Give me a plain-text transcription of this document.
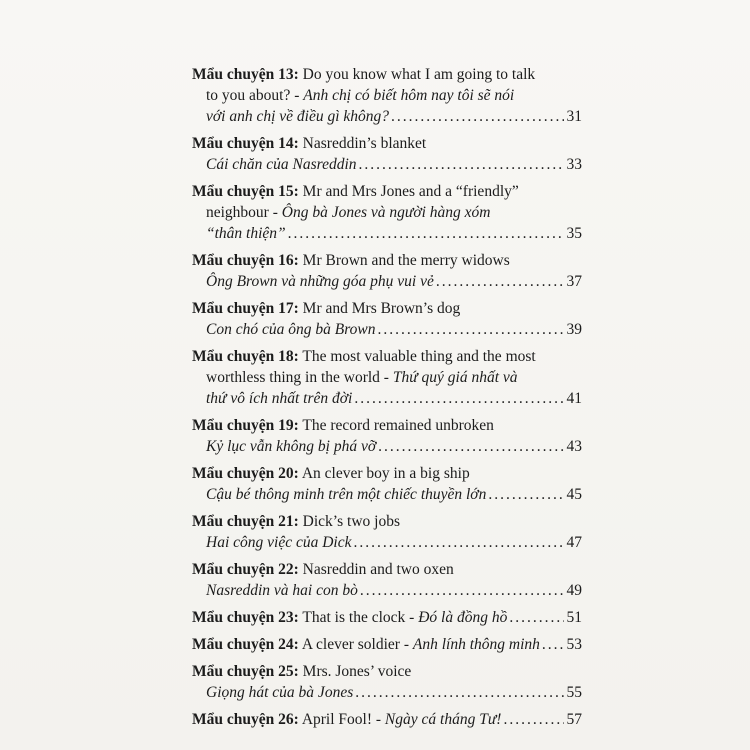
Mẩu chuyện 13: Do you know what I am going to talk
to you about? - Anh chị có biết hôm nay tôi sẽ nói
với anh chị về điều gì không? .....	31
Mẩu chuyện 14: Nasreddin’s blanket
Cái chăn của Nasreddin .....	33
Mẩu chuyện 15: Mr and Mrs Jones and a “friendly”
neighbour - Ông bà Jones và người hàng xóm
“thân thiện” .....	35
Mẩu chuyện 16: Mr Brown and the merry widows
Ông Brown và những góa phụ vui vẻ .....	37
Mẩu chuyện 17: Mr and Mrs Brown’s dog
Con chó của ông bà Brown .....	39
Mẩu chuyện 18: The most valuable thing and the most
worthless thing in the world - Thứ quý giá nhất và
thứ vô ích nhất trên đời .....	41
Mẩu chuyện 19: The record remained unbroken
Kỷ lục vẫn không bị phá vỡ .....	43
Mẩu chuyện 20: An clever boy in a big ship
Cậu bé thông minh trên một chiếc thuyền lớn .....	45
Mẩu chuyện 21: Dick’s two jobs
Hai công việc của Dick .....	47
Mẩu chuyện 22: Nasreddin and two oxen
Nasreddin và hai con bò .....	49
Mẩu chuyện 23: That is the clock - Đó là đồng hồ .....	51
Mẩu chuyện 24: A clever soldier - Anh lính thông minh ..... 53
Mẩu chuyện 25: Mrs. Jones’ voice
Giọng hát của bà Jones .....	55
Mẩu chuyện 26: April Fool! - Ngày cá tháng Tư! .....	57
